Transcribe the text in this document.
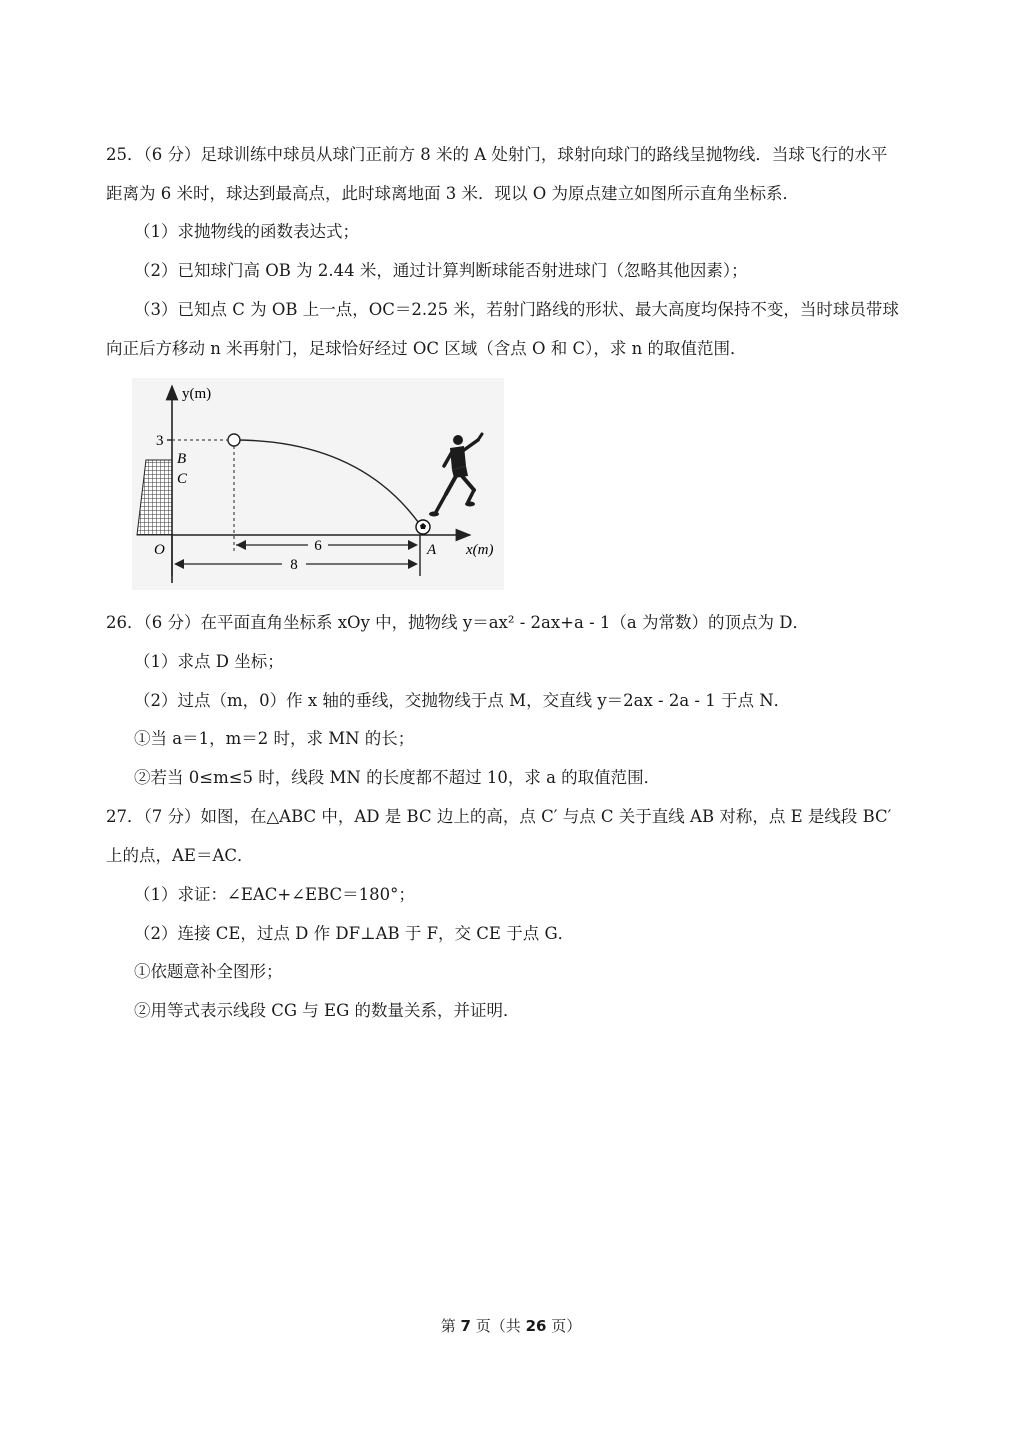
25．（6 分）足球训练中球员从球门正前方 8 米的 A 处射门，球射向球门的路线呈抛物线．当球飞行的水平
距离为 6 米时，球达到最高点，此时球离地面 3 米．现以 O 为原点建立如图所示直角坐标系．
（1）求抛物线的函数表达式；
（2）已知球门高 OB 为 2.44 米，通过计算判断球能否射进球门（忽略其他因素）；
（3）已知点 C 为 OB 上一点，OC＝2.25 米，若射门路线的形状、最大高度均保持不变，当时球员带球
向正后方移动 n 米再射门，足球恰好经过 OC 区域（含点 O 和 C），求 n 的取值范围．
6
8
y(m)
x(m)
3
B
C
O	A
26．（6 分）在平面直角坐标系 xOy 中，抛物线 y＝ax² - 2ax+a - 1（a 为常数）的顶点为 D．
（1）求点 D 坐标；
（2）过点（m，0）作 x 轴的垂线，交抛物线于点 M，交直线 y＝2ax - 2a - 1 于点 N．
①当 a＝1，m＝2 时，求 MN 的长；
②若当 0≤m≤5 时，线段 MN 的长度都不超过 10，求 a 的取值范围．
27．（7 分）如图，在△ABC 中，AD 是 BC 边上的高，点 C′ 与点 C 关于直线 AB 对称，点 E 是线段 BC′
上的点，AE＝AC．
（1）求证：∠EAC+∠EBC＝180°；
（2）连接 CE，过点 D 作 DF⊥AB 于 F，交 CE 于点 G．
①依题意补全图形；
②用等式表示线段 CG 与 EG 的数量关系，并证明．
第 7 页（共 26 页）
